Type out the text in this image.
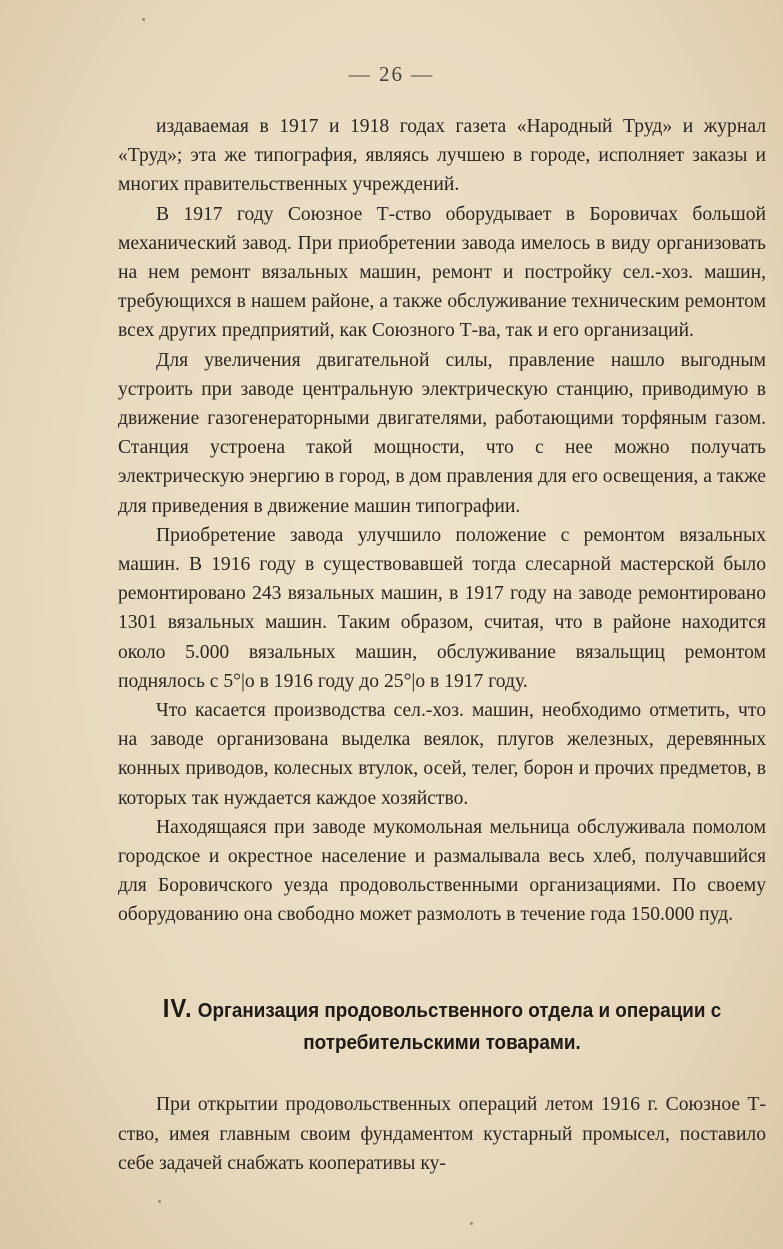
— 26 —

издаваемая в 1917 и 1918 годах газета «Народный Труд» и журнал «Труд»; эта же типография, являясь лучшею в городе, исполняет заказы и многих правительственных учреждений.

В 1917 году Союзное Т-ство оборудывает в Боровичах большой механический завод. При приобретении завода имелось в виду организовать на нем ремонт вязальных машин, ремонт и постройку сел.-хоз. машин, требующихся в нашем районе, а также обслуживание техническим ремонтом всех других предприятий, как Союзного Т-ва, так и его организаций.

Для увеличения двигательной силы, правление нашло выгодным устроить при заводе центральную электрическую станцию, приводимую в движение газогенераторными двигателями, работающими торфяным газом. Станция устроена такой мощности, что с нее можно получать электрическую энергию в город, в дом правления для его освещения, а также для приведения в движение машин типографии.

Приобретение завода улучшило положение с ремонтом вязальных машин. В 1916 году в существовавшей тогда слесарной мастерской было ремонтировано 243 вязальных машин, в 1917 году на заводе ремонтировано 1301 вязальных машин. Таким образом, считая, что в районе находится около 5.000 вязальных машин, обслуживание вязальщиц ремонтом поднялось с 5°|о в 1916 году до 25°|о в 1917 году.

Что касается производства сел.-хоз. машин, необходимо отметить, что на заводе организована выделка веялок, плугов железных, деревянных конных приводов, колесных втулок, осей, телег, борон и прочих предметов, в которых так нуждается каждое хозяйство.

Находящаяся при заводе мукомольная мельница обслуживала помолом городское и окрестное население и размалывала весь хлеб, получавшийся для Боровичского уезда продовольственными организациями. По своему оборудованию она свободно может размолоть в течение года 150.000 пуд.

IV. Организация продовольственного отдела и операции с потребительскими товарами.

При открытии продовольственных операций летом 1916 г. Союзное Т-ство, имея главным своим фундаментом кустарный промысел, поставило себе задачей снабжать кооперативы ку-
